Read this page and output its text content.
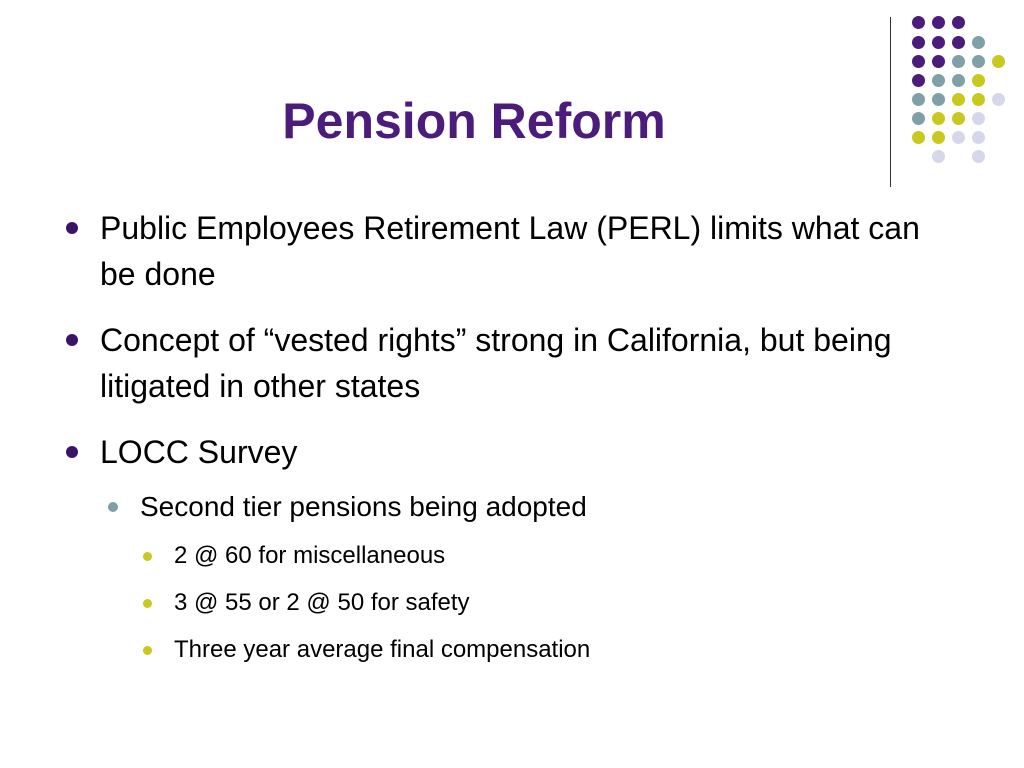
Pension Reform
Public Employees Retirement Law (PERL) limits what can be done
Concept of “vested rights” strong in California, but being litigated in other states
LOCC Survey
Second tier pensions being adopted
2 @ 60 for miscellaneous
3 @ 55 or 2 @ 50 for safety
Three year average final compensation
